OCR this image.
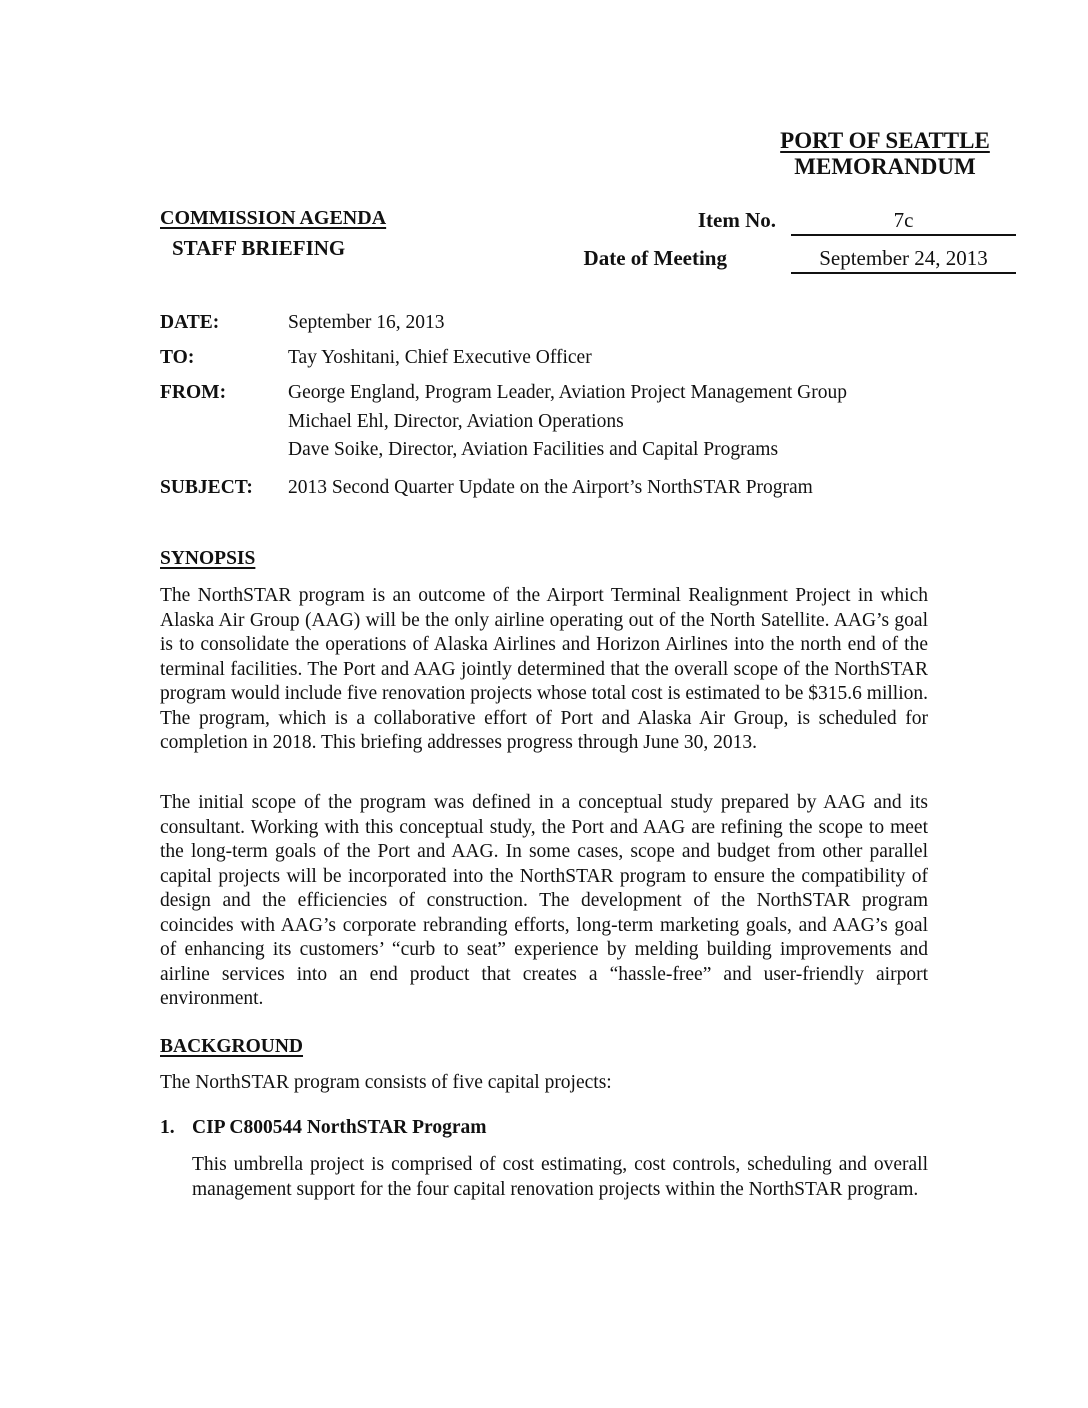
PORT OF SEATTLE
MEMORANDUM
COMMISSION AGENDA
STAFF BRIEFING
Item No.	7c
Date of Meeting	September 24, 2013
DATE:	September 16, 2013
TO:	Tay Yoshitani, Chief Executive Officer
FROM:	George England, Program Leader, Aviation Project Management Group
Michael Ehl, Director, Aviation Operations
Dave Soike, Director, Aviation Facilities and Capital Programs
SUBJECT:	2013 Second Quarter Update on the Airport’s NorthSTAR Program
SYNOPSIS
The NorthSTAR program is an outcome of the Airport Terminal Realignment Project in which Alaska Air Group (AAG) will be the only airline operating out of the North Satellite. AAG’s goal is to consolidate the operations of Alaska Airlines and Horizon Airlines into the north end of the terminal facilities. The Port and AAG jointly determined that the overall scope of the NorthSTAR program would include five renovation projects whose total cost is estimated to be $315.6 million. The program, which is a collaborative effort of Port and Alaska Air Group, is scheduled for completion in 2018. This briefing addresses progress through June 30, 2013.
The initial scope of the program was defined in a conceptual study prepared by AAG and its consultant. Working with this conceptual study, the Port and AAG are refining the scope to meet the long-term goals of the Port and AAG. In some cases, scope and budget from other parallel capital projects will be incorporated into the NorthSTAR program to ensure the compatibility of design and the efficiencies of construction. The development of the NorthSTAR program coincides with AAG’s corporate rebranding efforts, long-term marketing goals, and AAG’s goal of enhancing its customers’ “curb to seat” experience by melding building improvements and airline services into an end product that creates a “hassle-free” and user-friendly airport environment.
BACKGROUND
The NorthSTAR program consists of five capital projects:
1. CIP C800544 NorthSTAR Program
This umbrella project is comprised of cost estimating, cost controls, scheduling and overall management support for the four capital renovation projects within the NorthSTAR program.
